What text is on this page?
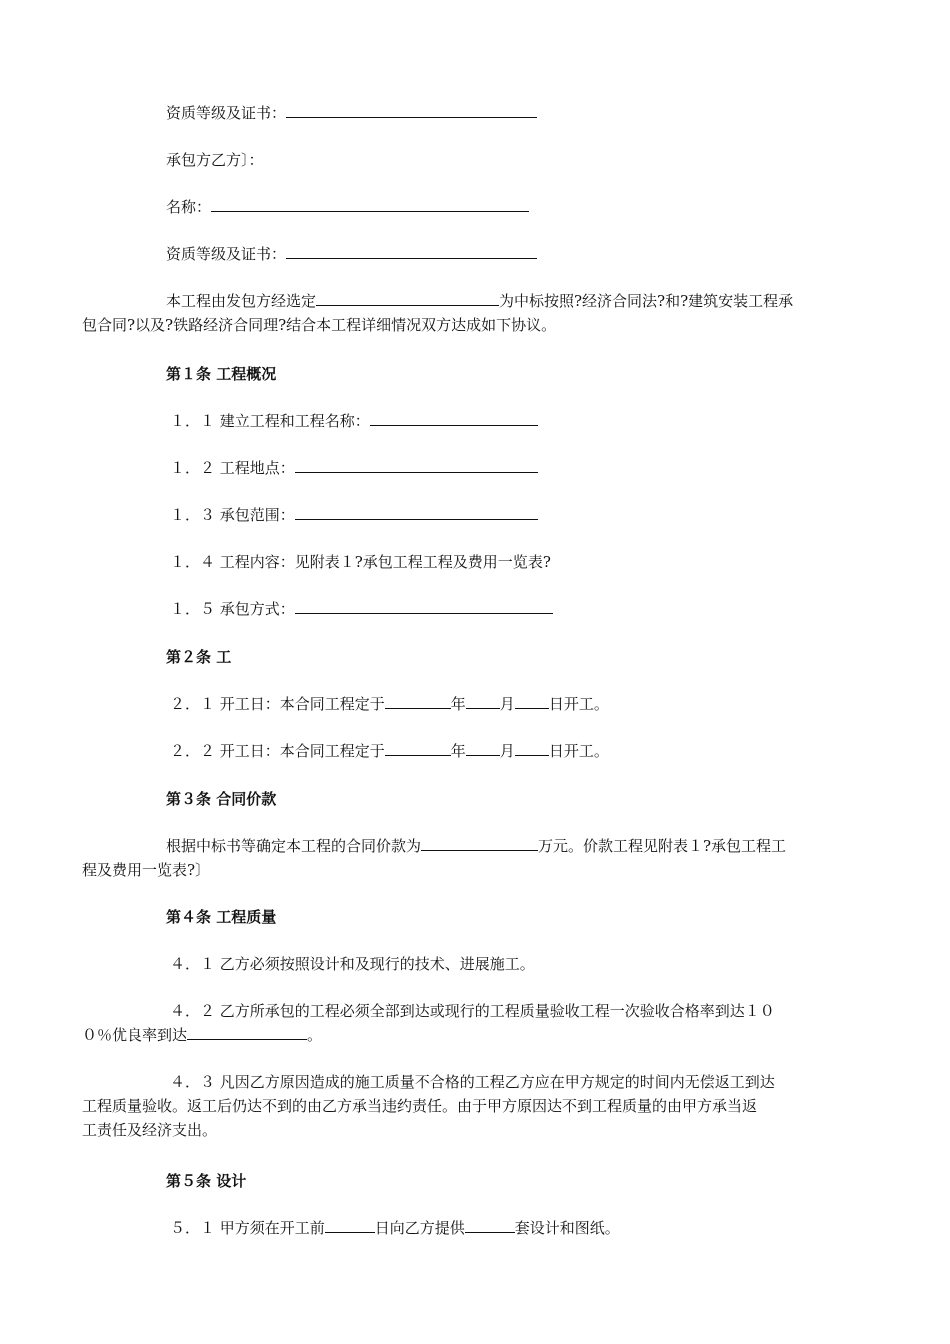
资质等级及证书：
承包方乙方〕：
名称：
资质等级及证书：
本工程由发包方经选定	为中标按照?经济合同法?和?建筑安装工程承
包合同?以及?铁路经济合同理?结合本工程详细情况双方达成如下协议。
第１条 工程概况
１．１ 建立工程和工程名称：
１．２ 工程地点：
１．３ 承包范围：
１．４ 工程内容：见附表１?承包工程工程及费用一览表?
１．５ 承包方式：
第２条 工
２．１ 开工日：本合同工程定于	年 月 日开工。
２．２ 开工日：本合同工程定于	年 月 日开工。
第３条 合同价款
根据中标书等确定本工程的合同价款为	万元。价款工程见附表１?承包工程工
程及费用一览表?〕
第４条 工程质量
４．１ 乙方必须按照设计和及现行的技术、进展施工。
４．２ 乙方所承包的工程必须全部到达或现行的工程质量验收工程一次验收合格率到达１０
０％优良率到达	。
４．３ 凡因乙方原因造成的施工质量不合格的工程乙方应在甲方规定的时间内无偿返工到达
工程质量验收。返工后仍达不到的由乙方承当违约责任。由于甲方原因达不到工程质量的由甲方承当返
工责任及经济支出。
第５条 设计
５．１ 甲方须在开工前	日向乙方提供	套设计和图纸。
